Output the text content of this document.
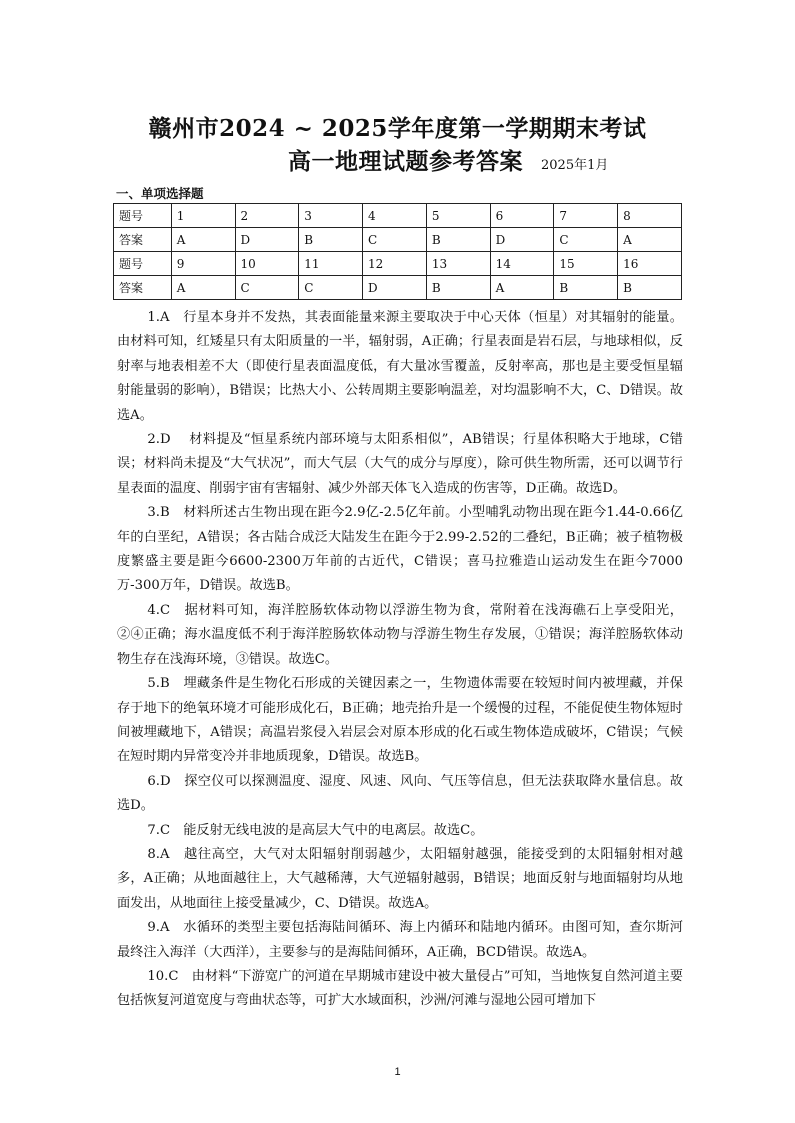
赣州市2024 ~ 2025学年度第一学期期末考试
高一地理试题参考答案 2025年1月
一、单项选择题
题号	1	2	3	4	5	6	7	8
答案	A	D	B	C	B	D	C	A
题号	9	10	11	12	13	14	15	16
答案	A	C	C	D	B	A	B	B

1.A　行星本身并不发热，其表面能量来源主要取决于中心天体（恒星）对其辐射的能量。由材料可知，红矮星只有太阳质量的一半，辐射弱，A正确；行星表面是岩石层，与地球相似，反射率与地表相差不大（即使行星表面温度低，有大量冰雪覆盖，反射率高，那也是主要受恒星辐射能量弱的影响），B错误；比热大小、公转周期主要影响温差，对均温影响不大，C、D错误。故选A。

2.D　 材料提及“恒星系统内部环境与太阳系相似”，AB错误；行星体积略大于地球，C错误；材料尚未提及“大气状况”，而大气层（大气的成分与厚度），除可供生物所需，还可以调节行星表面的温度、削弱宇宙有害辐射、减少外部天体飞入造成的伤害等，D正确。故选D。

3.B　材料所述古生物出现在距今2.9亿-2.5亿年前。小型哺乳动物出现在距今1.44-0.66亿年的白垩纪，A错误；各古陆合成泛大陆发生在距今于2.99-2.52的二叠纪，B正确；被子植物极度繁盛主要是距今6600-2300万年前的古近代，C错误；喜马拉雅造山运动发生在距今7000万-300万年，D错误。故选B。

4.C　据材料可知，海洋腔肠软体动物以浮游生物为食，常附着在浅海礁石上享受阳光，②④正确；海水温度低不利于海洋腔肠软体动物与浮游生物生存发展，①错误；海洋腔肠软体动物生存在浅海环境，③错误。故选C。

5.B　埋藏条件是生物化石形成的关键因素之一，生物遗体需要在较短时间内被埋藏，并保存于地下的绝氧环境才可能形成化石，B正确；地壳抬升是一个缓慢的过程，不能促使生物体短时间被埋藏地下，A错误；高温岩浆侵入岩层会对原本形成的化石或生物体造成破坏，C错误；气候在短时期内异常变冷并非地质现象，D错误。故选B。

6.D　探空仪可以探测温度、湿度、风速、风向、气压等信息，但无法获取降水量信息。故选D。

7.C　能反射无线电波的是高层大气中的电离层。故选C。

8.A　越往高空，大气对太阳辐射削弱越少，太阳辐射越强，能接受到的太阳辐射相对越多，A正确；从地面越往上，大气越稀薄，大气逆辐射越弱，B错误；地面反射与地面辐射均从地面发出，从地面往上接受量减少，C、D错误。故选A。

9.A　水循环的类型主要包括海陆间循环、海上内循环和陆地内循环。由图可知，查尔斯河最终注入海洋（大西洋），主要参与的是海陆间循环，A正确，BCD错误。故选A。

10.C　由材料“下游宽广的河道在早期城市建设中被大量侵占”可知，当地恢复自然河道主要包括恢复河道宽度与弯曲状态等，可扩大水域面积，沙洲/河滩与湿地公园可增加下

1
